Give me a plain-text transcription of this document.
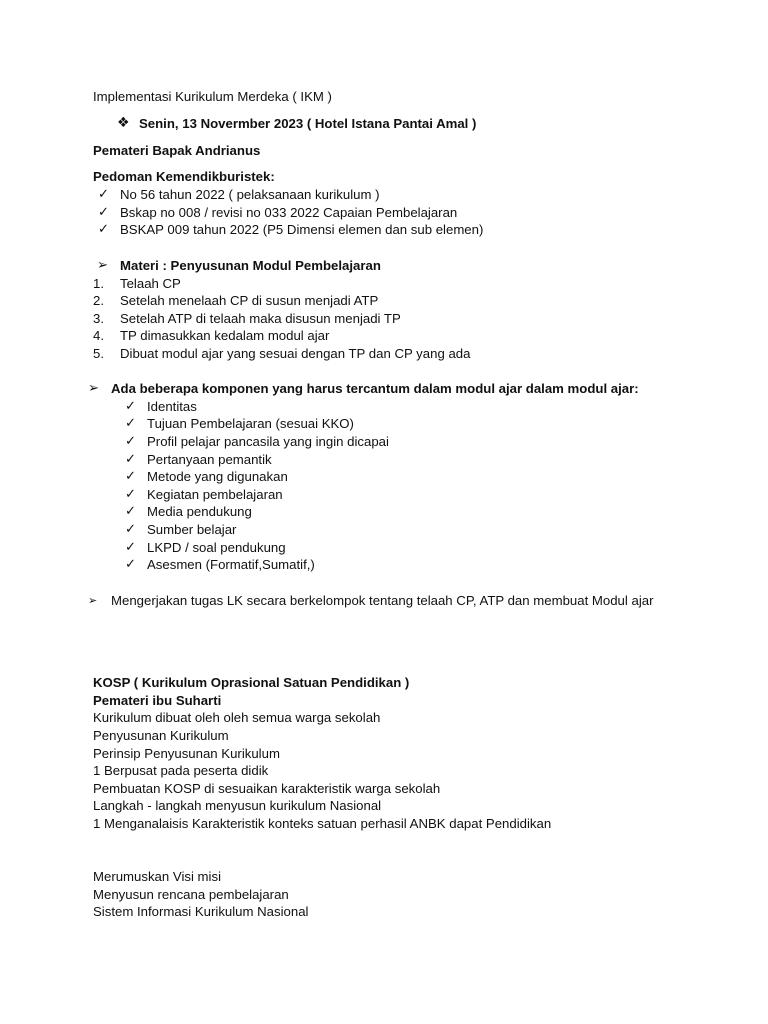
Implementasi Kurikulum Merdeka ( IKM )
❖ Senin, 13 Novermber 2023 ( Hotel Istana Pantai Amal )
Pemateri Bapak Andrianus
Pedoman Kemendikburistek:
✓ No 56 tahun 2022 ( pelaksanaan kurikulum )
✓ Bskap no 008 / revisi no 033 2022 Capaian Pembelajaran
✓ BSKAP 009 tahun 2022 (P5 Dimensi elemen dan sub elemen)
➢ Materi : Penyusunan Modul Pembelajaran
1. Telaah CP
2. Setelah menelaah CP di susun menjadi ATP
3. Setelah ATP di telaah maka disusun menjadi TP
4. TP dimasukkan kedalam modul ajar
5. Dibuat modul ajar yang sesuai dengan TP dan CP yang ada
➢ Ada beberapa komponen yang harus tercantum dalam modul ajar dalam modul ajar:
✓ Identitas
✓ Tujuan Pembelajaran (sesuai KKO)
✓ Profil pelajar pancasila yang ingin dicapai
✓ Pertanyaan pemantik
✓ Metode yang digunakan
✓ Kegiatan pembelajaran
✓ Media pendukung
✓ Sumber belajar
✓ LKPD / soal pendukung
✓ Asesmen (Formatif,Sumatif,)
➢ Mengerjakan tugas LK secara berkelompok tentang telaah CP, ATP dan membuat Modul ajar
KOSP ( Kurikulum Oprasional Satuan Pendidikan )
Pemateri ibu Suharti
Kurikulum dibuat oleh oleh semua warga sekolah
Penyusunan Kurikulum
Perinsip Penyusunan Kurikulum
1 Berpusat pada peserta didik
Pembuatan KOSP di sesuaikan karakteristik warga sekolah
Langkah - langkah menyusun kurikulum Nasional
1 Menganalaisis Karakteristik konteks satuan perhasil ANBK dapat Pendidikan
Merumuskan Visi misi
Menyusun rencana pembelajaran
Sistem Informasi Kurikulum Nasional
